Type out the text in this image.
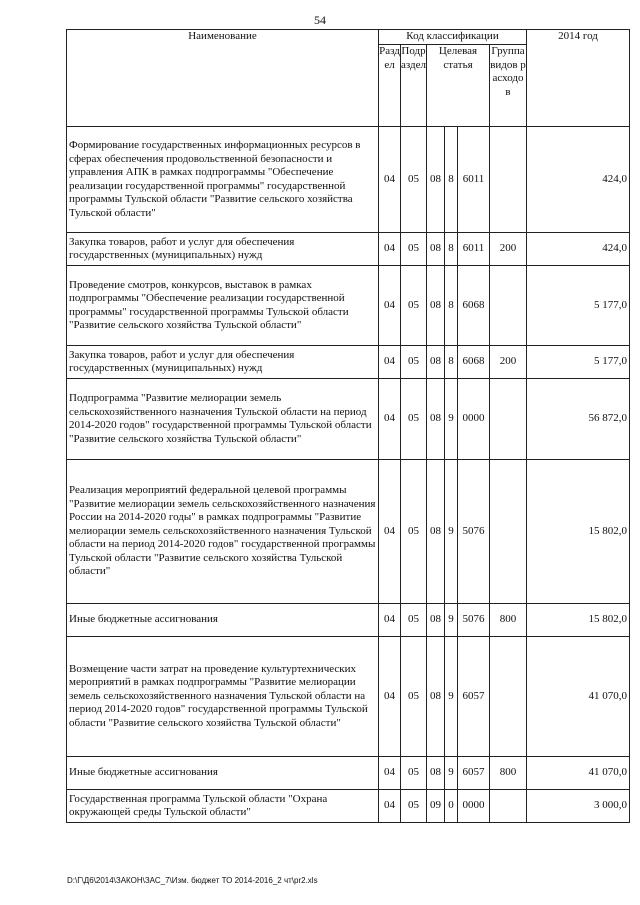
54
Наименование	Код классификации						2014 год
	Раздел	Подраздел	Целевая статья			Группа видов расходов	
Формирование государственных информационных ресурсов в сферах обеспечения продовольственной безопасности и управления АПК в рамках подпрограммы "Обеспечение реализации государственной программы" государственной программы Тульской области "Развитие сельского хозяйства Тульской области"	04	05	08	8	6011		424,0
Закупка товаров, работ и услуг для обеспечения государственных (муниципальных) нужд	04	05	08	8	6011	200	424,0
Проведение смотров, конкурсов, выставок в рамках подпрограммы "Обеспечение реализации государственной программы" государственной программы Тульской области "Развитие сельского хозяйства Тульской области"	04	05	08	8	6068		5 177,0
Закупка товаров, работ и услуг для обеспечения государственных (муниципальных) нужд	04	05	08	8	6068	200	5 177,0
Подпрограмма "Развитие мелиорации земель сельскохозяйственного назначения Тульской области на период 2014-2020 годов" государственной программы Тульской области "Развитие сельского хозяйства Тульской области"	04	05	08	9	0000		56 872,0
Реализация мероприятий федеральной целевой программы "Развитие мелиорации земель сельскохозяйственного назначения России на 2014-2020 годы" в рамках подпрограммы "Развитие мелиорации земель сельскохозяйственного назначения Тульской области на период 2014-2020 годов" государственной программы Тульской области "Развитие сельского хозяйства Тульской области"	04	05	08	9	5076		15 802,0
Иные бюджетные ассигнования	04	05	08	9	5076	800	15 802,0
Возмещение части затрат на проведение культуртехнических мероприятий в рамках подпрограммы "Развитие мелиорации земель сельскохозяйственного назначения Тульской области на период 2014-2020 годов" государственной программы Тульской области "Развитие сельского хозяйства Тульской области"	04	05	08	9	6057		41 070,0
Иные бюджетные ассигнования	04	05	08	9	6057	800	41 070,0
Государственная программа Тульской области "Охрана окружающей среды Тульской области"	04	05	09	0	0000		3 000,0
D:\Г\Д6\2014\ЗАКОН\ЗАС_7\Изм. бюджет ТО 2014-2016_2 чт\pr2.xls
